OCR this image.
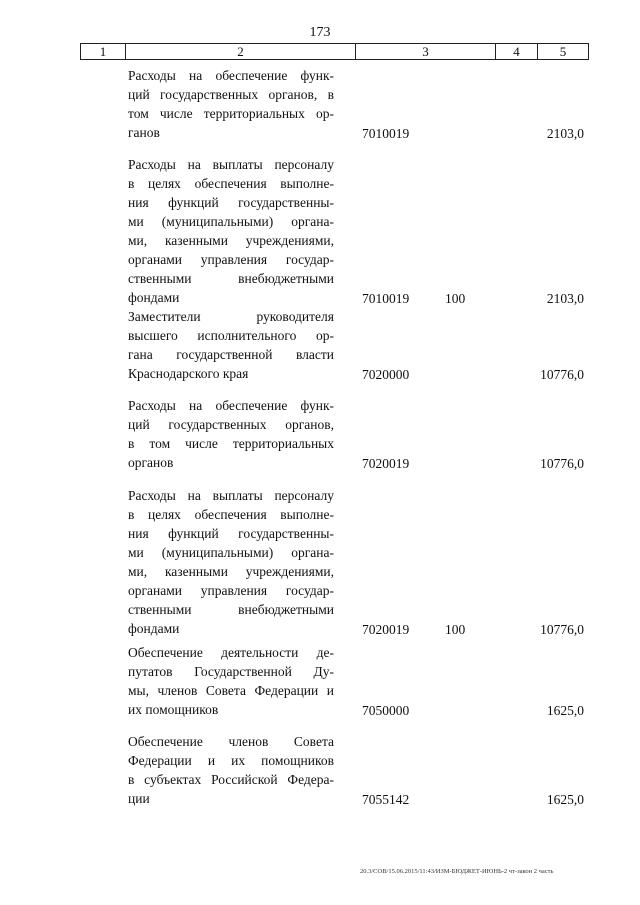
173
1	2	3	4	5
Расходы на обеспечение функ-
ций государственных органов, в
том числе территориальных ор-
ганов	7010019	2103,0
Расходы на выплаты персоналу
в целях обеспечения выполне-
ния функций государственны-
ми (муниципальными) органа-
ми, казенными учреждениями,
органами управления государ-
ственными внебюджетными
фондами	7010019	100	2103,0
Заместители руководителя
высшего исполнительного ор-
гана государственной власти
Краснодарского края	7020000	10776,0
Расходы на обеспечение функ-
ций государственных органов,
в том числе территориальных
органов	7020019	10776,0
Расходы на выплаты персоналу
в целях обеспечения выполне-
ния функций государственны-
ми (муниципальными) органа-
ми, казенными учреждениями,
органами управления государ-
ственными внебюджетными
фондами	7020019	100	10776,0
Обеспечение деятельности де-
путатов Государственной Ду-
мы, членов Совета Федерации и
их помощников	7050000	1625,0
Обеспечение членов Совета
Федерации и их помощников
в субъектах Российской Федера-
ции	7055142	1625,0
20.3/СОВ/15.06.2015/11:43/ИЗМ-БЮДЖЕТ-ИЮНЬ-2 чт-закон 2 часть
